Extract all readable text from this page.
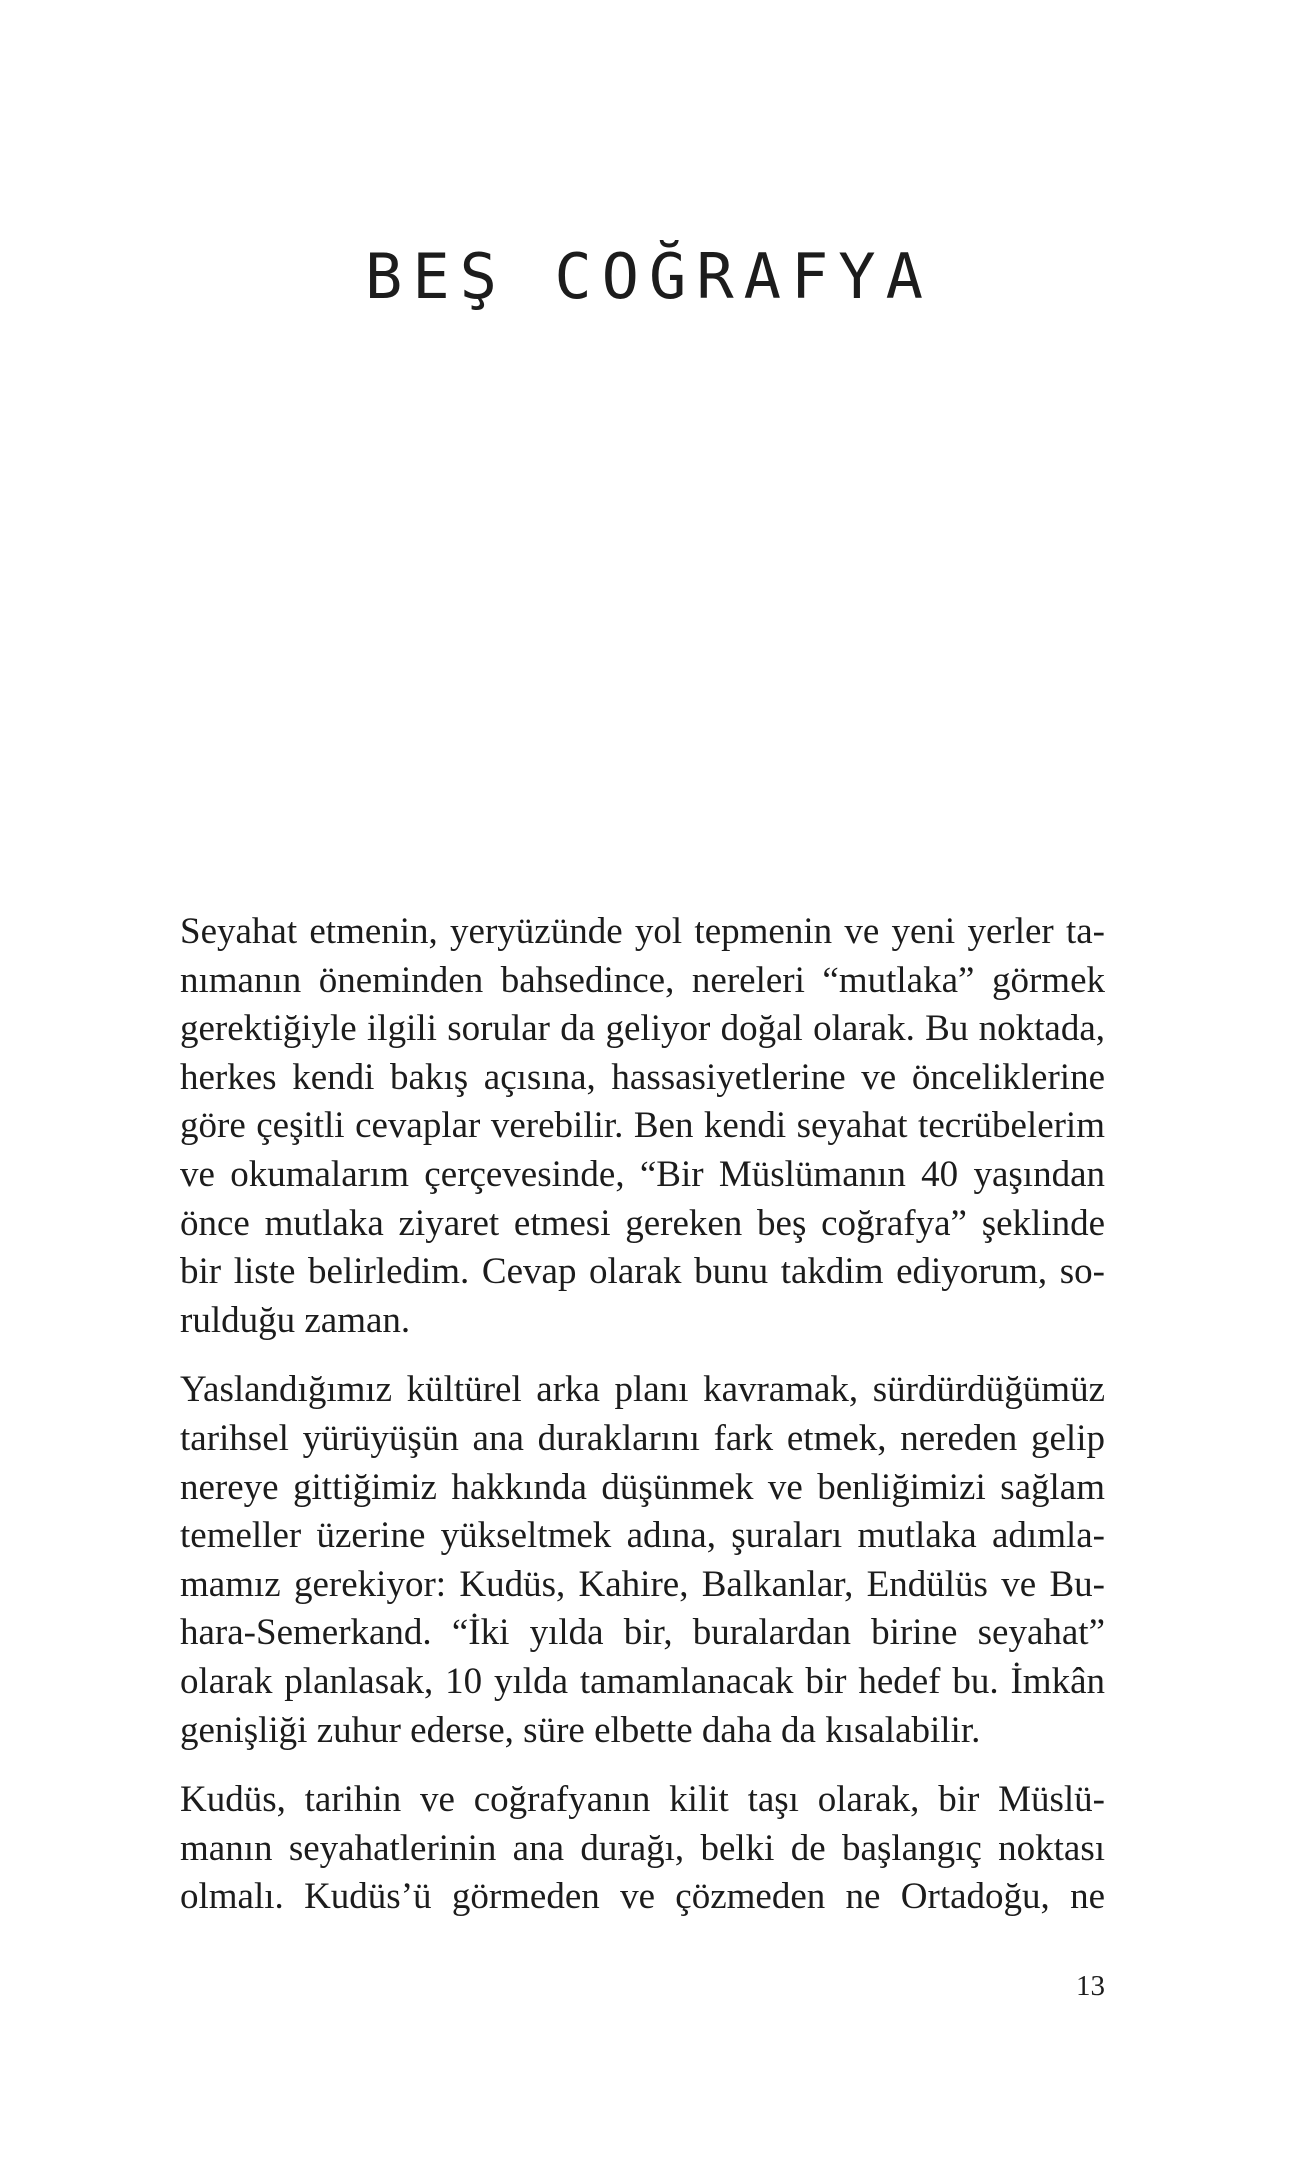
BEŞ COĞRAFYA

Seyahat etmenin, yeryüzünde yol tepmenin ve yeni yerler ta-
nımanın öneminden bahsedince, nereleri “mutlaka” görmek
gerektiğiyle ilgili sorular da geliyor doğal olarak. Bu noktada,
herkes kendi bakış açısına, hassasiyetlerine ve önceliklerine
göre çeşitli cevaplar verebilir. Ben kendi seyahat tecrübelerim
ve okumalarım çerçevesinde, “Bir Müslümanın 40 yaşından
önce mutlaka ziyaret etmesi gereken beş coğrafya” şeklinde
bir liste belirledim. Cevap olarak bunu takdim ediyorum, so-
rulduğu zaman.

Yaslandığımız kültürel arka planı kavramak, sürdürdüğümüz
tarihsel yürüyüşün ana duraklarını fark etmek, nereden gelip
nereye gittiğimiz hakkında düşünmek ve benliğimizi sağlam
temeller üzerine yükseltmek adına, şuraları mutlaka adımla-
mamız gerekiyor: Kudüs, Kahire, Balkanlar, Endülüs ve Bu-
hara-Semerkand. “İki yılda bir, buralardan birine seyahat”
olarak planlasak, 10 yılda tamamlanacak bir hedef bu. İmkân
genişliği zuhur ederse, süre elbette daha da kısalabilir.

Kudüs, tarihin ve coğrafyanın kilit taşı olarak, bir Müslü-
manın seyahatlerinin ana durağı, belki de başlangıç noktası
olmalı. Kudüs’ü görmeden ve çözmeden ne Ortadoğu, ne

13
